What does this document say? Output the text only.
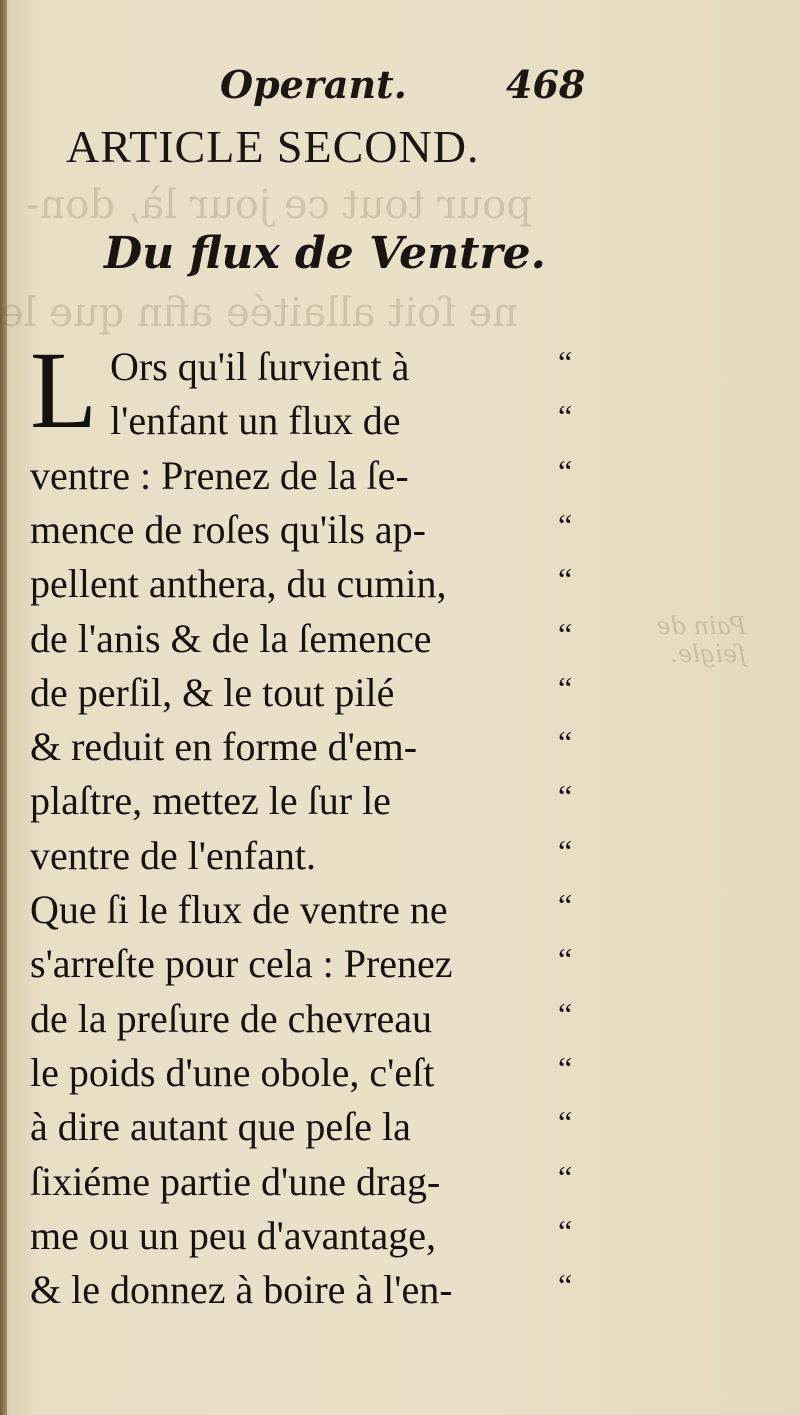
pour tout ce jour là, don-
ne ſoit allaitée afin que le
Pain de
ſeigle.
Operant.	468
ARTICLE SECOND.
Du flux de Ventre.
L Ors qu'il ſurvient à	“
l'enfant un flux de	“
ventre : Prenez de la ſe-	“
mence de roſes qu'ils ap-	“
pellent anthera, du cumin,	“
de l'anis & de la ſemence	“
de perſil, & le tout pilé	“
& reduit en forme d'em-	“
plaſtre, mettez le ſur le	“
ventre de l'enfant.	“
Que ſi le flux de ventre ne	“
s'arreſte pour cela : Prenez	“
de la preſure de chevreau	“
le poids d'une obole, c'eſt	“
à dire autant que peſe la	“
ſixiéme partie d'une drag-	“
me ou un peu d'avantage,	“
& le donnez à boire à l'en-	“
